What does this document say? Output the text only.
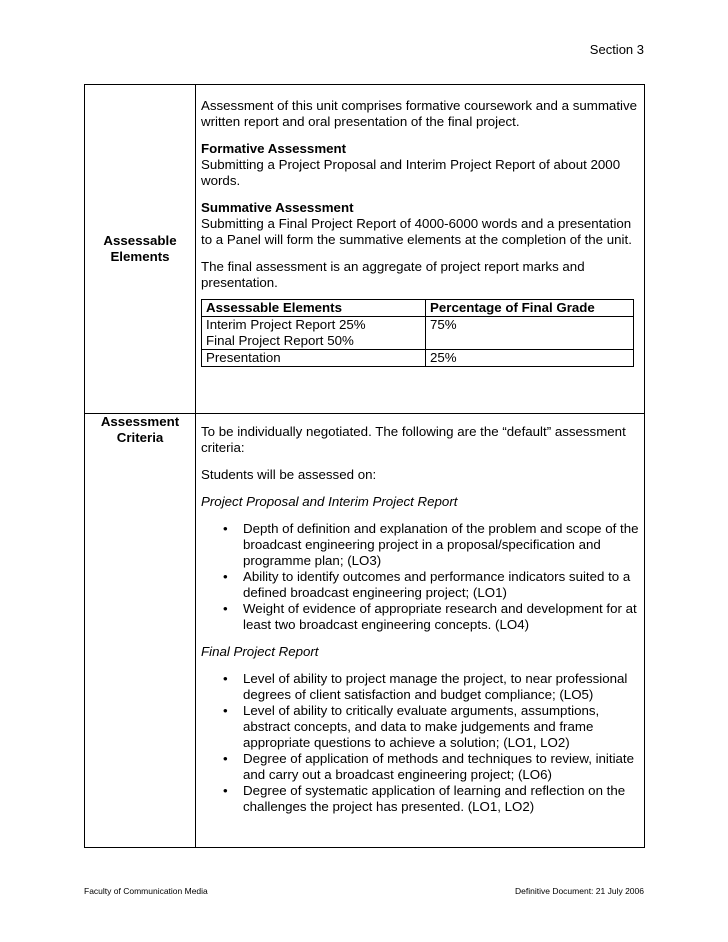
Section 3
Assessable
Elements

Assessment of this unit comprises formative coursework and a summative written report and oral presentation of the final project.

Formative Assessment
Submitting a Project Proposal and Interim Project Report of about 2000 words.

Summative Assessment
Submitting a Final Project Report of 4000-6000 words and a presentation to a Panel will form the summative elements at the completion of the unit.

The final assessment is an aggregate of project report marks and presentation.

Assessable Elements	Percentage of Final Grade

Interim Project Report 25%
Final Project Report 50%	75%
Presentation	25%
Assessment
Criteria	To be individually negotiated. The following are the “default” assessment criteria:

Students will be assessed on:

Project Proposal and Interim Project Report

• Depth of definition and explanation of the problem and scope of the broadcast engineering project in a proposal/specification and programme plan; (LO3)
• Ability to identify outcomes and performance indicators suited to a defined broadcast engineering project; (LO1)
• Weight of evidence of appropriate research and development for at least two broadcast engineering concepts. (LO4)

Final Project Report

• Level of ability to project manage the project, to near professional degrees of client satisfaction and budget compliance; (LO5)
• Level of ability to critically evaluate arguments, assumptions, abstract concepts, and data to make judgements and frame appropriate questions to achieve a solution; (LO1, LO2)
• Degree of application of methods and techniques to review, initiate and carry out a broadcast engineering project; (LO6)
• Degree of systematic application of learning and reflection on the challenges the project has presented. (LO1, LO2)
Faculty of Communication Media	Definitive Document: 21 July 2006
